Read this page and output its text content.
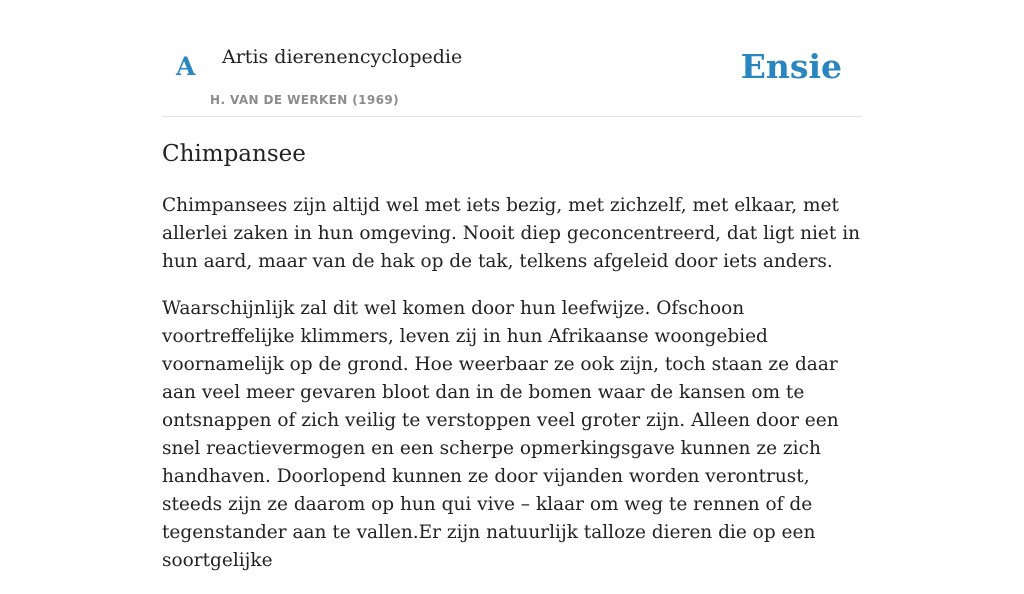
A Artis dierenencyclopedie
H. VAN DE WERKEN (1969)
Ensie
Chimpansee

Chimpansees zijn altijd wel met iets bezig, met zichzelf, met elkaar, met allerlei zaken in hun omgeving. Nooit diep geconcentreerd, dat ligt niet in hun aard, maar van de hak op de tak, telkens afgeleid door iets anders.

Waarschijnlijk zal dit wel komen door hun leefwijze. Ofschoon voortreffelijke klimmers, leven zij in hun Afrikaanse woongebied voornamelijk op de grond. Hoe weerbaar ze ook zijn, toch staan ze daar aan veel meer gevaren bloot dan in de bomen waar de kansen om te ontsnappen of zich veilig te verstoppen veel groter zijn. Alleen door een snel reactievermogen en een scherpe opmerkingsgave kunnen ze zich handhaven. Doorlopend kunnen ze door vijanden worden verontrust, steeds zijn ze daarom op hun qui vive – klaar om weg te rennen of de tegenstander aan te vallen.Er zijn natuurlijk talloze dieren die op een soortgelijke
